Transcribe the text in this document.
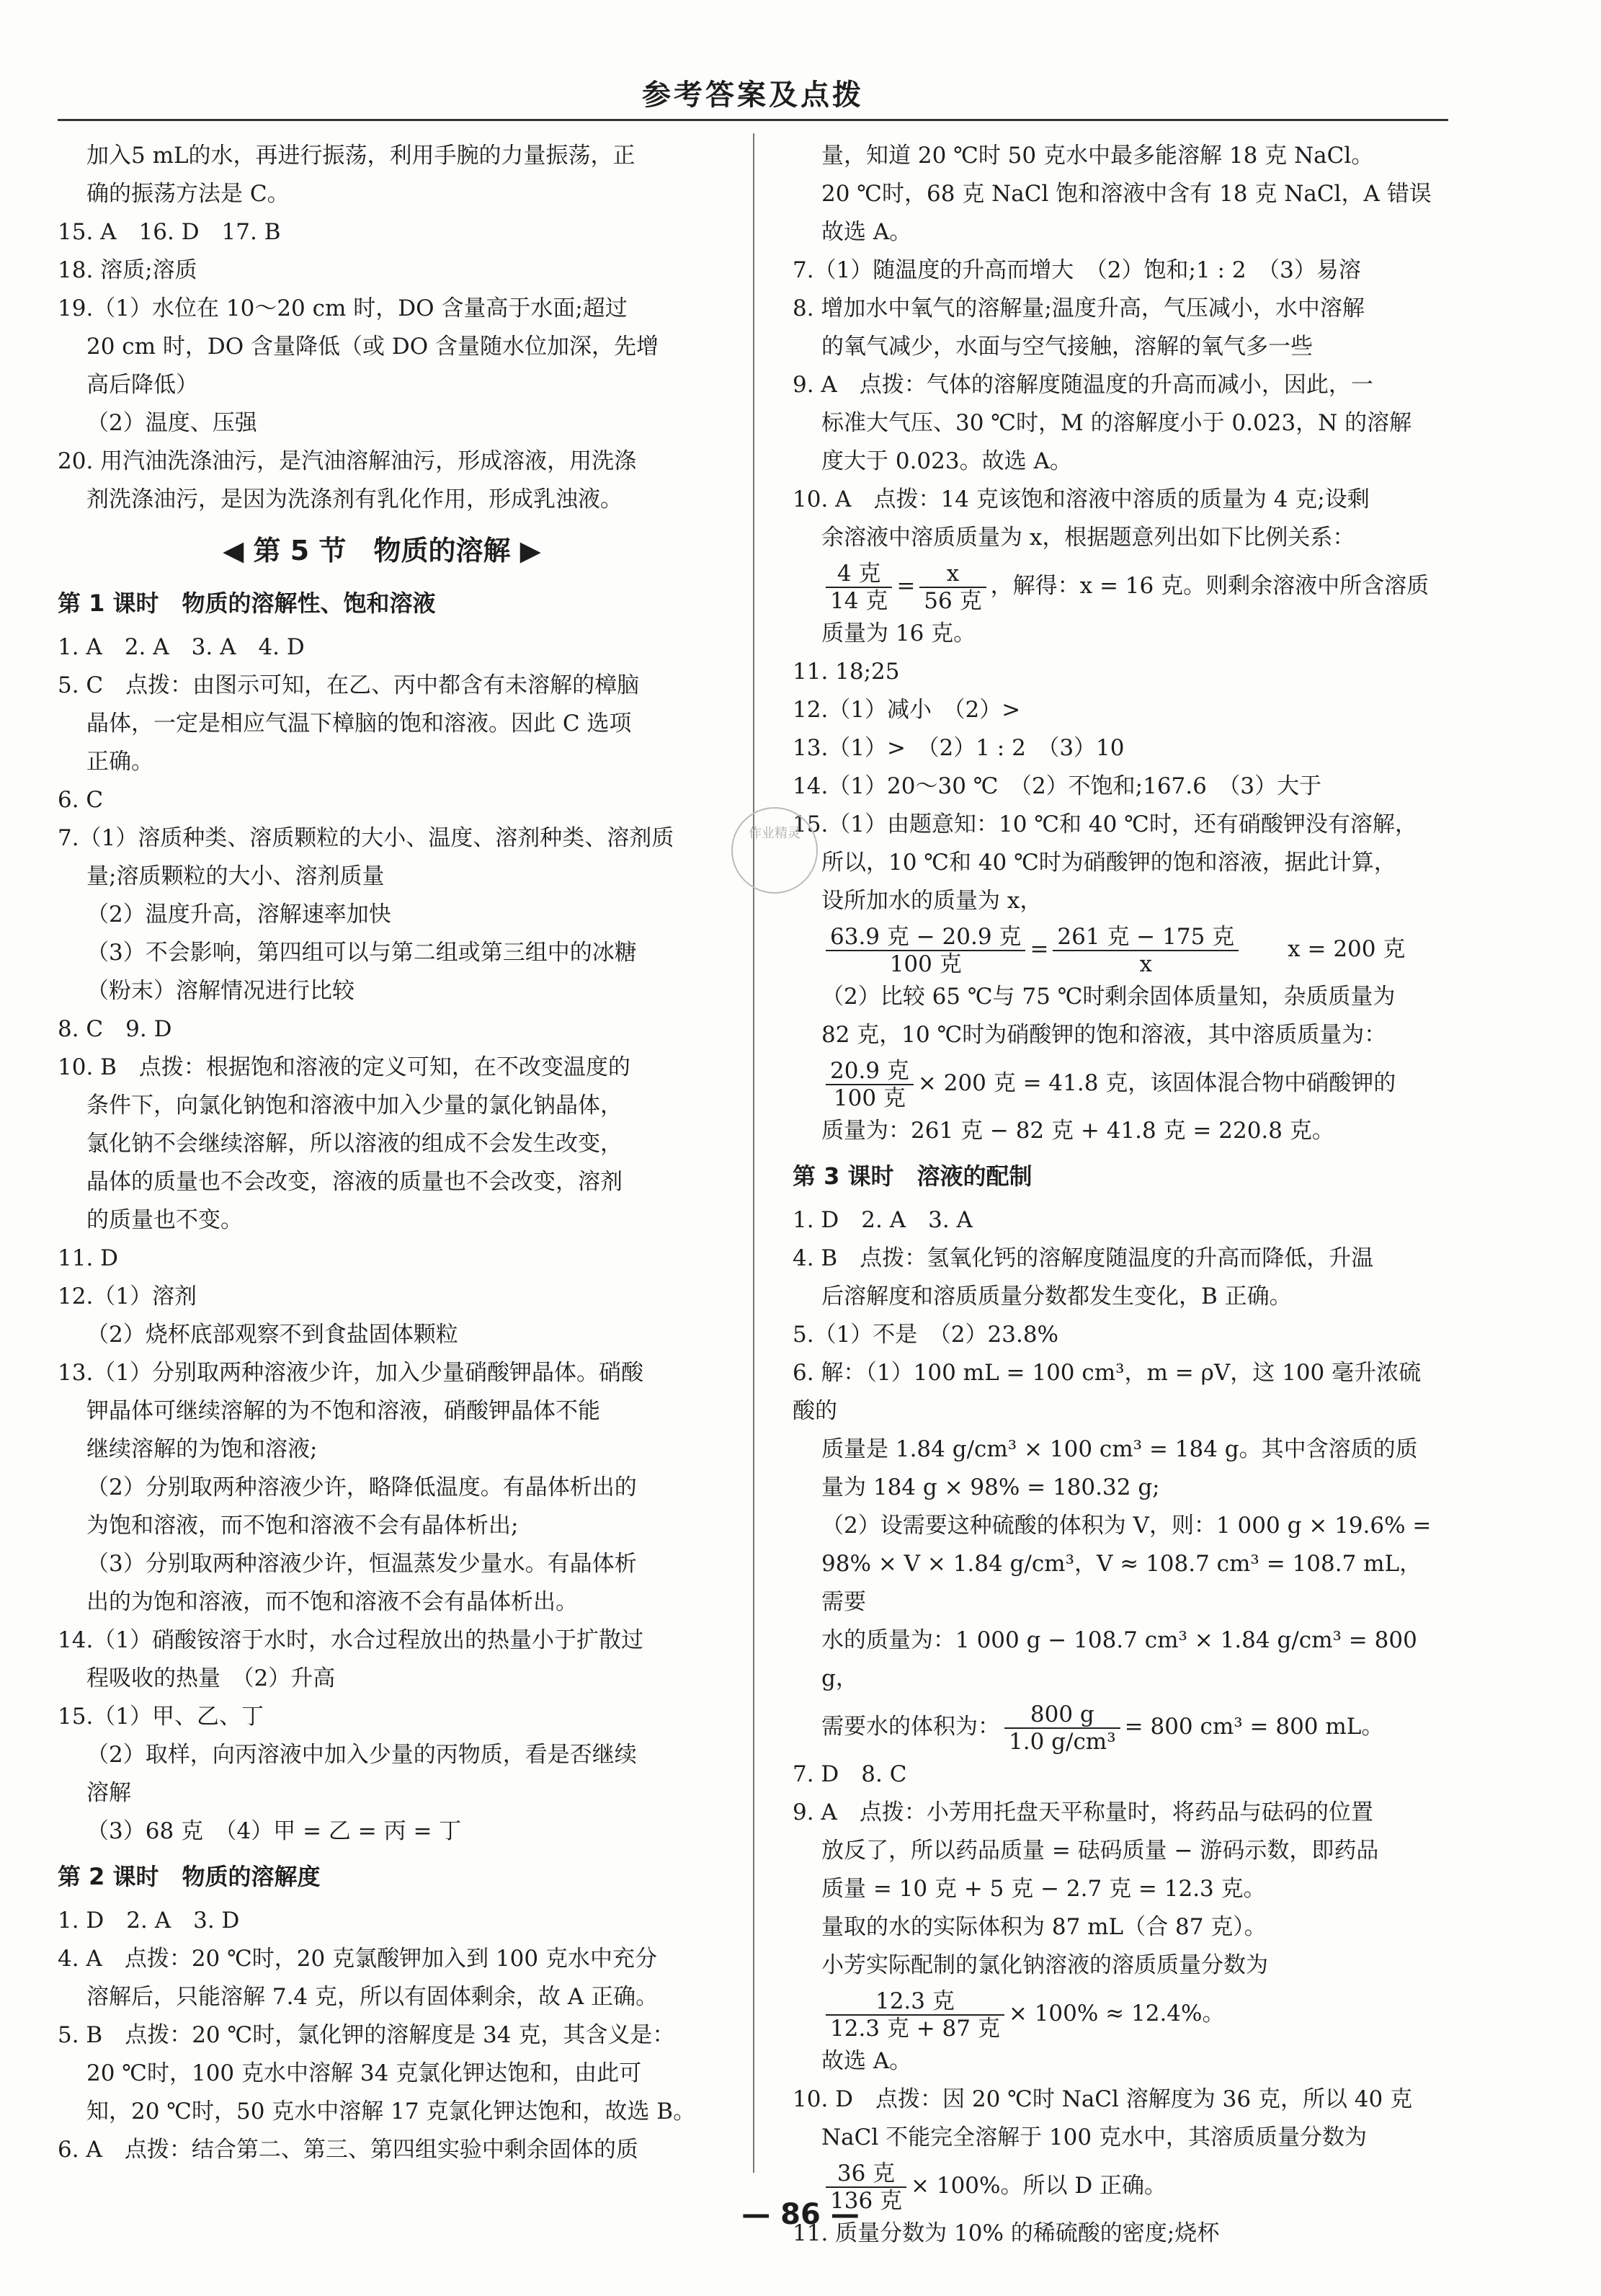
参考答案及点拨
加入5 mL的水，再进行振荡，利用手腕的力量振荡，正
确的振荡方法是 C。
15. A　16. D　17. B
18. 溶质;溶质
19.（1）水位在 10～20 cm 时，DO 含量高于水面;超过
20 cm 时，DO 含量降低（或 DO 含量随水位加深，先增
高后降低）
（2）温度、压强
20. 用汽油洗涤油污，是汽油溶解油污，形成溶液，用洗涤
剂洗涤油污，是因为洗涤剂有乳化作用，形成乳浊液。
◀ 第 5 节　物质的溶解 ▶
第 1 课时　物质的溶解性、饱和溶液
1. A　2. A　3. A　4. D
5. C　点拨：由图示可知，在乙、丙中都含有未溶解的樟脑
晶体，一定是相应气温下樟脑的饱和溶液。因此 C 选项
正确。
6. C
7.（1）溶质种类、溶质颗粒的大小、温度、溶剂种类、溶剂质
量;溶质颗粒的大小、溶剂质量
（2）温度升高，溶解速率加快
（3）不会影响，第四组可以与第二组或第三组中的冰糖
（粉末）溶解情况进行比较
8. C　9. D
10. B　点拨：根据饱和溶液的定义可知，在不改变温度的
条件下，向氯化钠饱和溶液中加入少量的氯化钠晶体，
氯化钠不会继续溶解，所以溶液的组成不会发生改变，
晶体的质量也不会改变，溶液的质量也不会改变，溶剂
的质量也不变。
11. D
12.（1）溶剂
（2）烧杯底部观察不到食盐固体颗粒
13.（1）分别取两种溶液少许，加入少量硝酸钾晶体。硝酸
钾晶体可继续溶解的为不饱和溶液，硝酸钾晶体不能
继续溶解的为饱和溶液;
（2）分别取两种溶液少许，略降低温度。有晶体析出的
为饱和溶液，而不饱和溶液不会有晶体析出;
（3）分别取两种溶液少许，恒温蒸发少量水。有晶体析
出的为饱和溶液，而不饱和溶液不会有晶体析出。
14.（1）硝酸铵溶于水时，水合过程放出的热量小于扩散过
程吸收的热量　（2）升高
15.（1）甲、乙、丁
（2）取样，向丙溶液中加入少量的丙物质，看是否继续
溶解
（3）68 克　（4）甲 = 乙 = 丙 = 丁
第 2 课时　物质的溶解度
1. D　2. A　3. D
4. A　点拨：20 ℃时，20 克氯酸钾加入到 100 克水中充分
溶解后，只能溶解 7.4 克，所以有固体剩余，故 A 正确。
5. B　点拨：20 ℃时，氯化钾的溶解度是 34 克，其含义是：
20 ℃时，100 克水中溶解 34 克氯化钾达饱和，由此可
知，20 ℃时，50 克水中溶解 17 克氯化钾达饱和，故选 B。
6. A　点拨：结合第二、第三、第四组实验中剩余固体的质
量，知道 20 ℃时 50 克水中最多能溶解 18 克 NaCl。
20 ℃时，68 克 NaCl 饱和溶液中含有 18 克 NaCl，A 错误
故选 A。
7.（1）随温度的升高而增大　（2）饱和;1 : 2　（3）易溶
8. 增加水中氧气的溶解量;温度升高，气压减小，水中溶解
的氧气减少，水面与空气接触，溶解的氧气多一些
9. A　点拨：气体的溶解度随温度的升高而减小，因此，一
标准大气压、30 ℃时，M 的溶解度小于 0.023，N 的溶解
度大于 0.023。故选 A。
10. A　点拨：14 克该饱和溶液中溶质的质量为 4 克;设剩
余溶液中溶质质量为 x，根据题意列出如下比例关系：
$\frac{\text{4 克}}{\text{14 克}} = \frac{x}{\text{56 克}}$ ，解得：x = 16 克。则剩余溶液中所含溶质
质量为 16 克。
11. 18;25
12.（1）减小　（2）>
13.（1）>　（2）1 : 2　（3）10
14.（1）20～30 ℃　（2）不饱和;167.6　（3）大于
15.（1）由题意知：10 ℃和 40 ℃时，还有硝酸钾没有溶解，
所以，10 ℃和 40 ℃时为硝酸钾的饱和溶液，据此计算，
设所加水的质量为 x，
$\frac{\text{63.9 克 − 20.9 克}}{\text{100 克}} = \frac{\text{261 克 − 175 克}}{x}$
　　 x = 200 克
（2）比较 65 ℃与 75 ℃时剩余固体质量知，杂质质量为
82 克，10 ℃时为硝酸钾的饱和溶液，其中溶质质量为：
$\frac{\text{20.9 克}}{\text{100 克}} \times 200$ 克 = 41.8 克，该固体混合物中硝酸钾的
质量为：261 克 − 82 克 + 41.8 克 = 220.8 克。
第 3 课时　溶液的配制
1. D　2. A　3. A
4. B　点拨：氢氧化钙的溶解度随温度的升高而降低，升温
后溶解度和溶质质量分数都发生变化，B 正确。
5.（1）不是　（2）23.8%
6. 解：（1）100 mL = 100 cm³，m = ρV，这 100 毫升浓硫酸的
质量是 1.84 g/cm³ × 100 cm³ = 184 g。其中含溶质的质
量为 184 g × 98% = 180.32 g;
（2）设需要这种硫酸的体积为 V，则：1 000 g × 19.6% =
98% × V × 1.84 g/cm³，V ≈ 108.7 cm³ = 108.7 mL，需要
水的质量为：1 000 g − 108.7 cm³ × 1.84 g/cm³ = 800 g，
需要水的体积为： $\frac{800 g}{\text{1.0 g/cm³}} = 800$ cm³ = 800 mL。
7. D　8. C
9. A　点拨：小芳用托盘天平称量时，将药品与砝码的位置
放反了，所以药品质量 = 砝码质量 − 游码示数，即药品
质量 = 10 克 + 5 克 − 2.7 克 = 12.3 克。
量取的水的实际体积为 87 mL（合 87 克）。
小芳实际配制的氯化钠溶液的溶质质量分数为
$\frac{\text{12.3 克}}{\text{12.3 克 + 87 克}} \times 100\% \approx 12.4\%$。
故选 A。
10. D　点拨：因 20 ℃时 NaCl 溶解度为 36 克，所以 40 克
NaCl 不能完全溶解于 100 克水中，其溶质质量分数为
$\frac{\text{36 克}}{\text{136 克}} \times 100\%$。所以 D 正确。
11. 质量分数为 10% 的稀硫酸的密度;烧杯
作业精灵
— 86 —
